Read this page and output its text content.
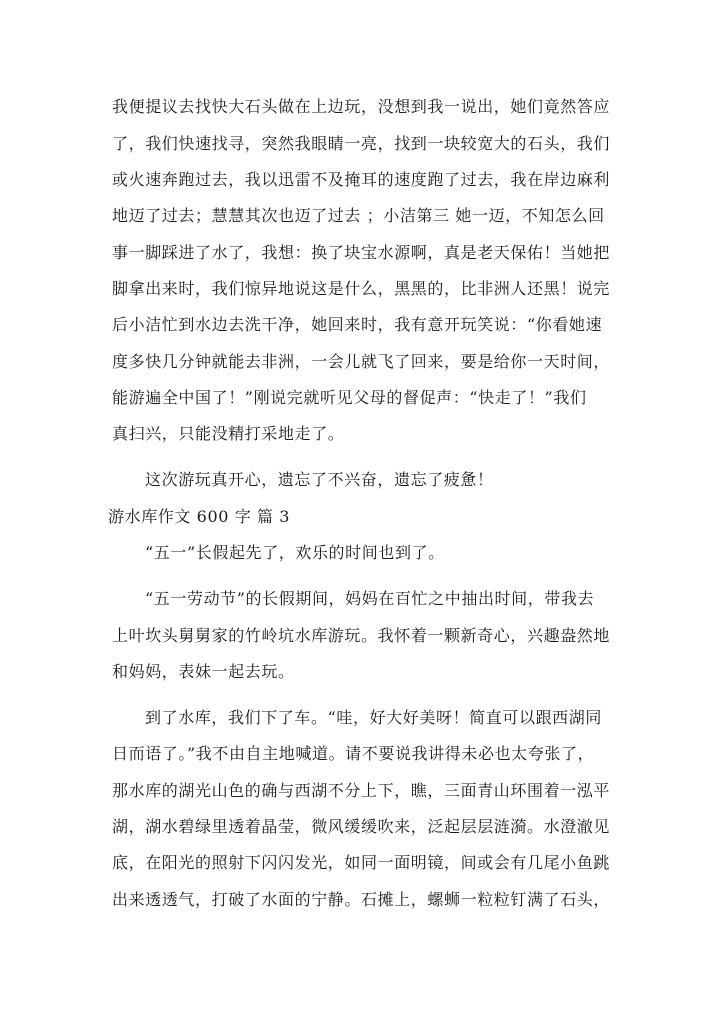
我便提议去找快大石头做在上边玩，没想到我一说出，她们竟然答应
了，我们快速找寻，突然我眼睛一亮，找到一块较宽大的石头，我们
或火速奔跑过去，我以迅雷不及掩耳的速度跑了过去，我在岸边麻利
地迈了过去；慧慧其次也迈了过去 ；小洁第三 她一迈，不知怎么回
事一脚踩进了水了，我想：换了块宝水源啊，真是老天保佑！当她把
脚拿出来时，我们惊异地说这是什么，黑黑的，比非洲人还黑！说完
后小洁忙到水边去洗干净，她回来时，我有意开玩笑说：“你看她速
度多快几分钟就能去非洲，一会儿就飞了回来，要是给你一天时间，
能游遍全中国了！”刚说完就听见父母的督促声：“快走了！”我们
真扫兴，只能没精打采地走了。
这次游玩真开心，遗忘了不兴奋，遗忘了疲惫！
游水库作文 600 字 篇 3
“五一”长假起先了，欢乐的时间也到了。
“五一劳动节”的长假期间，妈妈在百忙之中抽出时间，带我去
上叶坎头舅舅家的竹岭坑水库游玩。我怀着一颗新奇心，兴趣盎然地
和妈妈，表妹一起去玩。
到了水库，我们下了车。“哇，好大好美呀！简直可以跟西湖同
日而语了。”我不由自主地喊道。请不要说我讲得未必也太夸张了，
那水库的湖光山色的确与西湖不分上下，瞧，三面青山环围着一泓平
湖，湖水碧绿里透着晶莹，微风缓缓吹来，泛起层层涟漪。水澄澈见
底，在阳光的照射下闪闪发光，如同一面明镜，间或会有几尾小鱼跳
出来透透气，打破了水面的宁静。石摊上，螺蛳一粒粒钉满了石头，
